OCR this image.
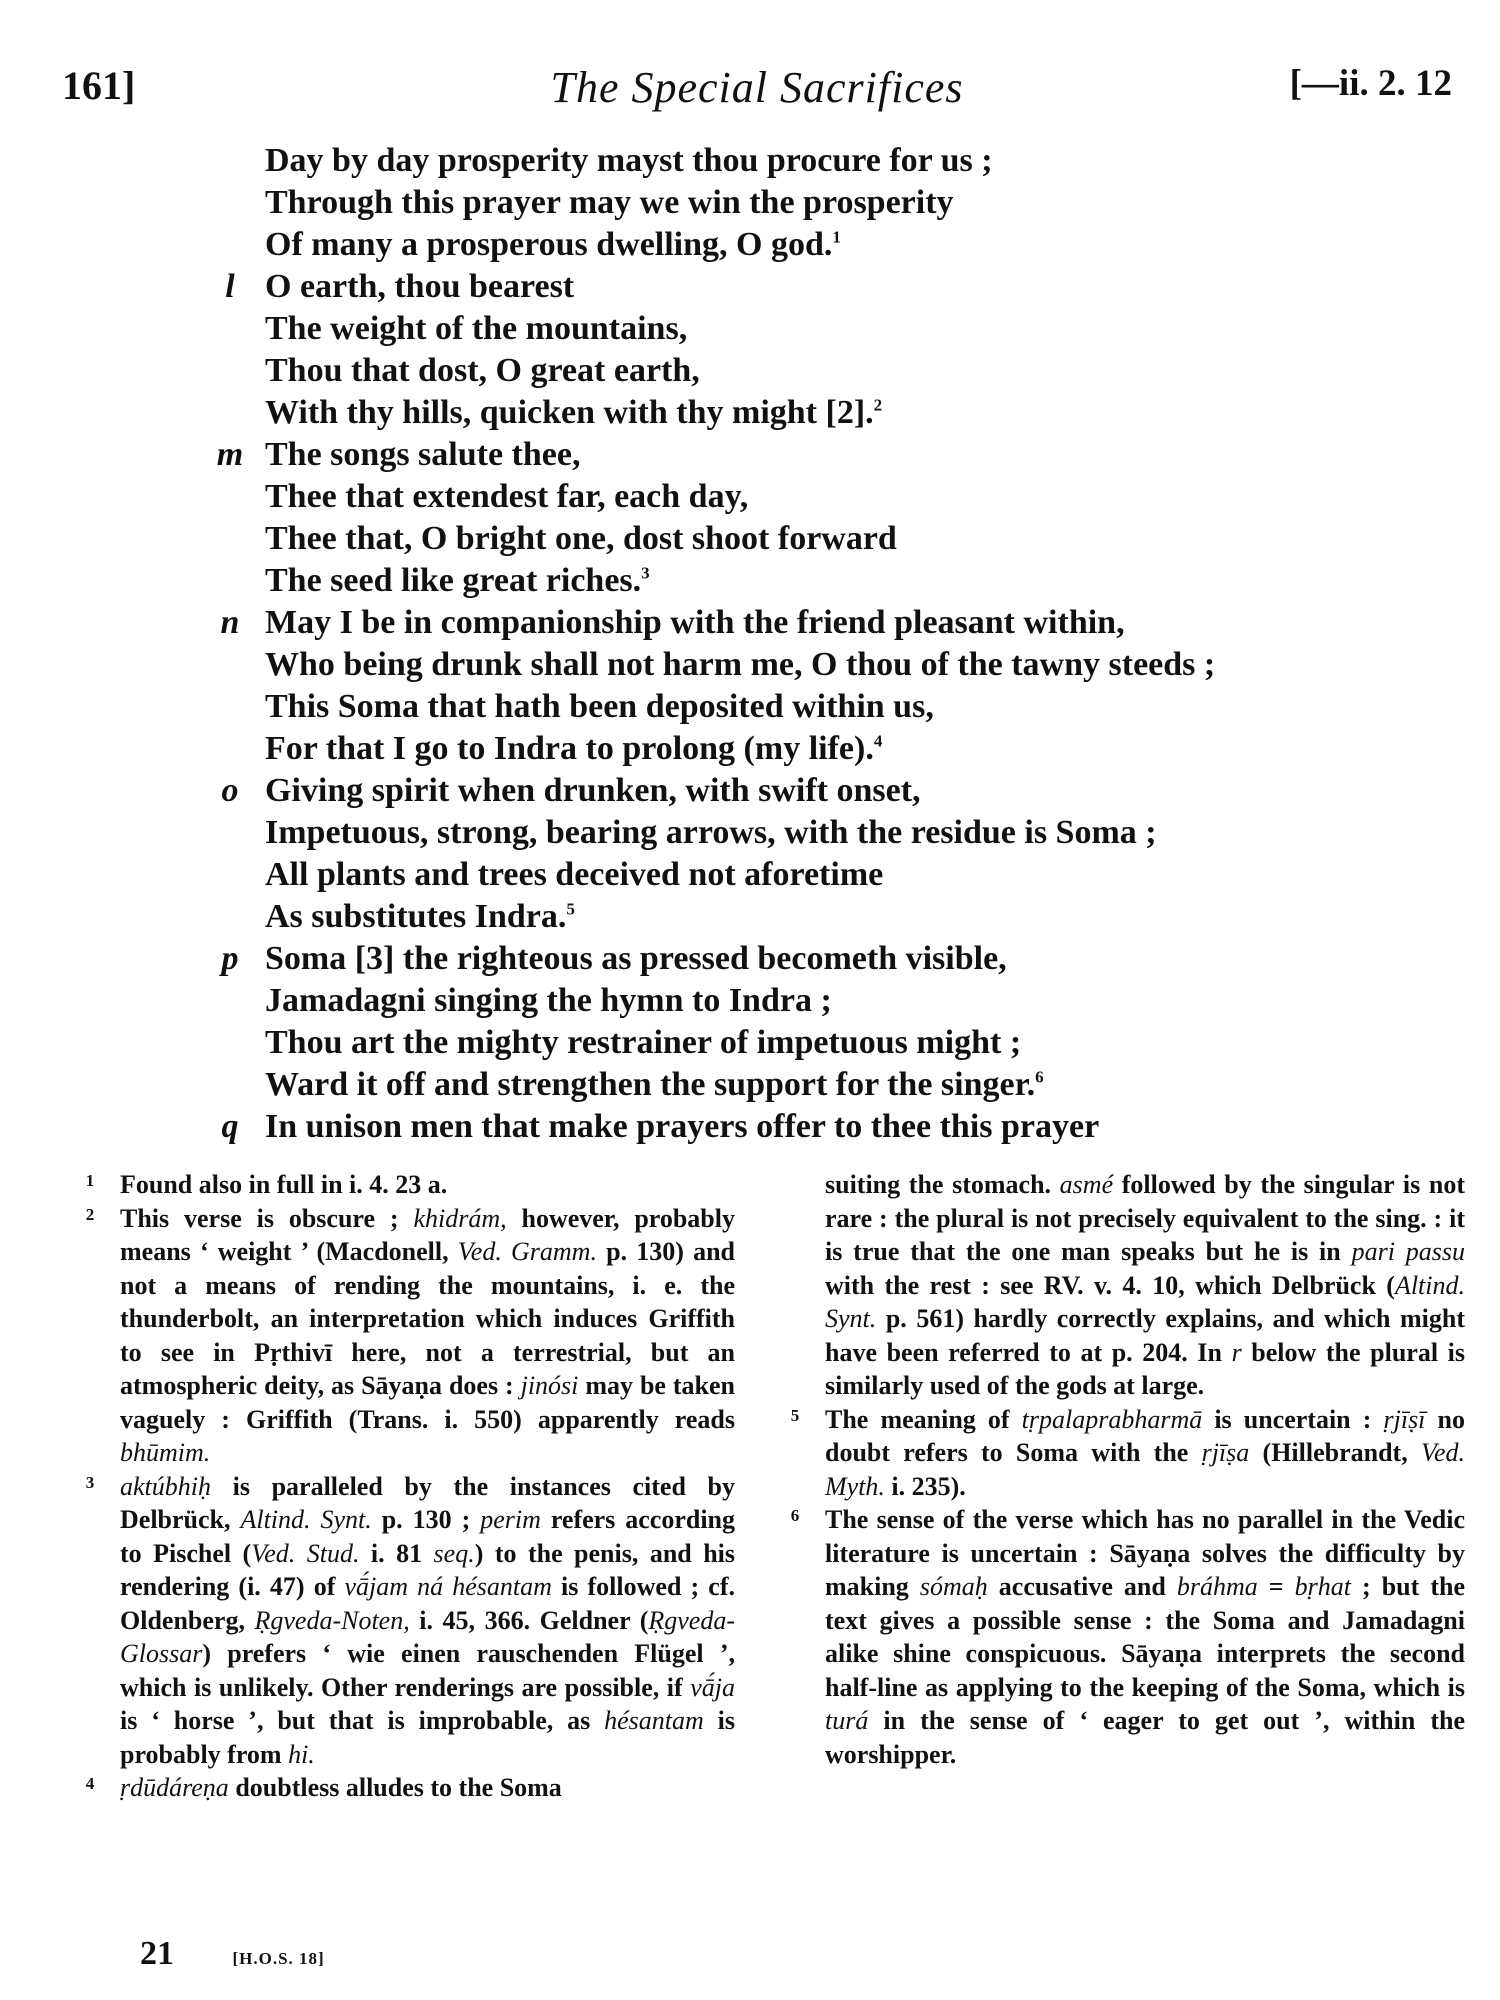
161]	The Special Sacrifices	[—ii. 2. 12
Day by day prosperity mayst thou procure for us ;
Through this prayer may we win the prosperity
Of many a prosperous dwelling, O god.$^1$
l O earth, thou bearest
The weight of the mountains,
Thou that dost, O great earth,
With thy hills, quicken with thy might [2].$^2$
m The songs salute thee,
Thee that extendest far, each day,
Thee that, O bright one, dost shoot forward
The seed like great riches.$^3$
n May I be in companionship with the friend pleasant within,
Who being drunk shall not harm me, O thou of the tawny steeds ;
This Soma that hath been deposited within us,
For that I go to Indra to prolong (my life).$^4$
o Giving spirit when drunken, with swift onset,
Impetuous, strong, bearing arrows, with the residue is Soma ;
All plants and trees deceived not aforetime
As substitutes Indra.$^5$
p Soma [3] the righteous as pressed becometh visible,
Jamadagni singing the hymn to Indra ;
Thou art the mighty restrainer of impetuous might ;
Ward it off and strengthen the support for the singer.$^6$
q In unison men that make prayers offer to thee this prayer
1 Found also in full in i. 4. 23 a.
2 This verse is obscure ; khidrám, however, probably means ‘ weight ’ (Macdonell, Ved. Gramm. p. 130) and not a means of rending the mountains, i. e. the thunderbolt, an interpretation which induces Griffith to see in Pṛthivī here, not a terrestrial, but an atmospheric deity, as Sāyaṇa does : jinósi may be taken vaguely : Griffith (Trans. i. 550) apparently reads bhūmim.
3 aktúbhiḥ is paralleled by the instances cited by Delbrück, Altind. Synt. p. 130 ; perim refers according to Pischel (Ved. Stud. i. 81 seq.) to the penis, and his rendering (i. 47) of vā́jam ná hésantam is followed ; cf. Oldenberg, Ṛgveda-Noten, i. 45, 366. Geldner (Ṛgveda-Glossar) prefers ‘ wie einen rauschenden Flügel ’, which is unlikely. Other renderings are possible, if vā́ja is ‘ horse ’, but that is improbable, as hésantam is probably from hi.
4 ṛdūdáreṇa doubtless alludes to the Soma
suiting the stomach. asmé followed by the singular is not rare : the plural is not precisely equivalent to the sing. : it is true that the one man speaks but he is in pari passu with the rest : see RV. v. 4. 10, which Delbrück (Altind. Synt. p. 561) hardly correctly explains, and which might have been referred to at p. 204. In r below the plural is similarly used of the gods at large.
5 The meaning of tṛpalaprabharmā is uncertain : ṛjīṣī no doubt refers to Soma with the ṛjīṣa (Hillebrandt, Ved. Myth. i. 235).
6 The sense of the verse which has no parallel in the Vedic literature is uncertain : Sāyaṇa solves the difficulty by making sómaḥ accusative and bráhma = bṛhat ; but the text gives a possible sense : the Soma and Jamadagni alike shine conspicuous. Sāyaṇa interprets the second half-line as applying to the keeping of the Soma, which is turá in the sense of ‘ eager to get out ’, within the worshipper.
21	[H.O.S. 18]
